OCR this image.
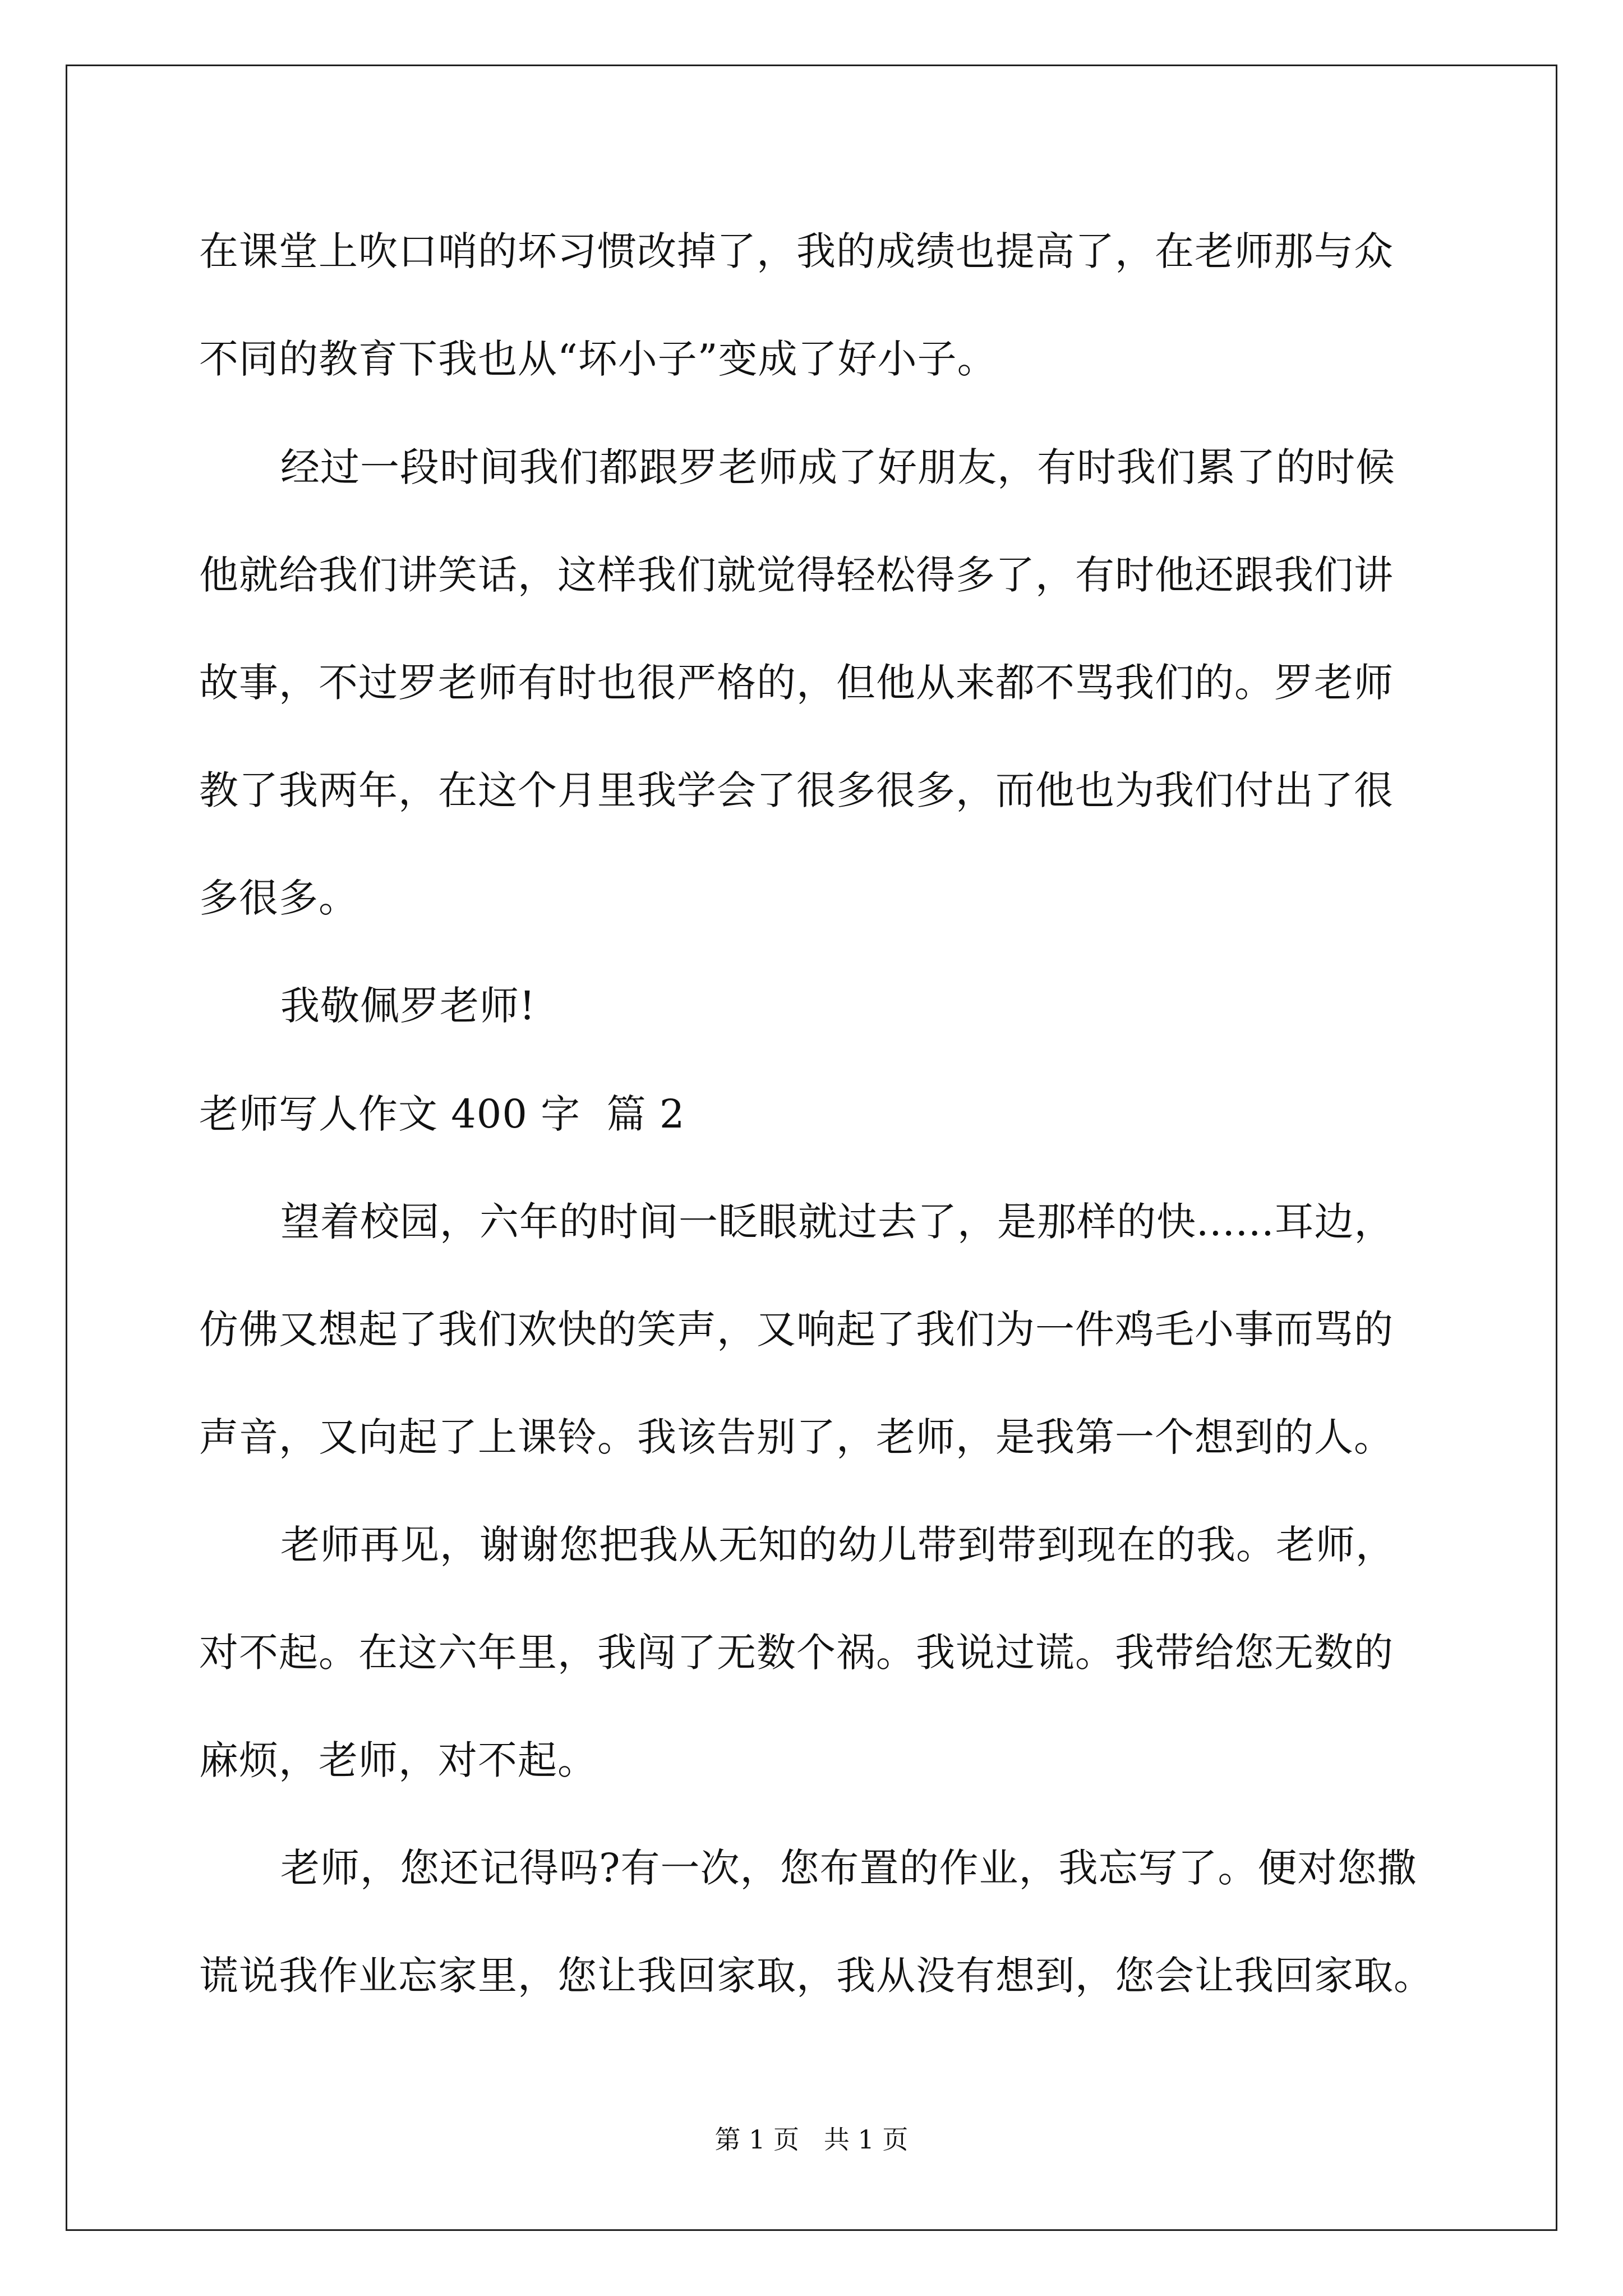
在课堂上吹口哨的坏习惯改掉了，我的成绩也提高了，在老师那与众
不同的教育下我也从“坏小子”变成了好小子。
经过一段时间我们都跟罗老师成了好朋友，有时我们累了的时候
他就给我们讲笑话，这样我们就觉得轻松得多了，有时他还跟我们讲
故事，不过罗老师有时也很严格的，但他从来都不骂我们的。罗老师
教了我两年，在这个月里我学会了很多很多，而他也为我们付出了很
多很多。
我敬佩罗老师!
老师写人作文 400 字  篇 2
望着校园，六年的时间一眨眼就过去了，是那样的快......耳边，
仿佛又想起了我们欢快的笑声，又响起了我们为一件鸡毛小事而骂的
声音，又向起了上课铃。我该告别了，老师，是我第一个想到的人。
老师再见，谢谢您把我从无知的幼儿带到带到现在的我。老师，
对不起。在这六年里，我闯了无数个祸。我说过谎。我带给您无数的
麻烦，老师，对不起。
老师，您还记得吗?有一次，您布置的作业，我忘写了。便对您撒
谎说我作业忘家里，您让我回家取，我从没有想到，您会让我回家取。
第 1 页   共 1 页
